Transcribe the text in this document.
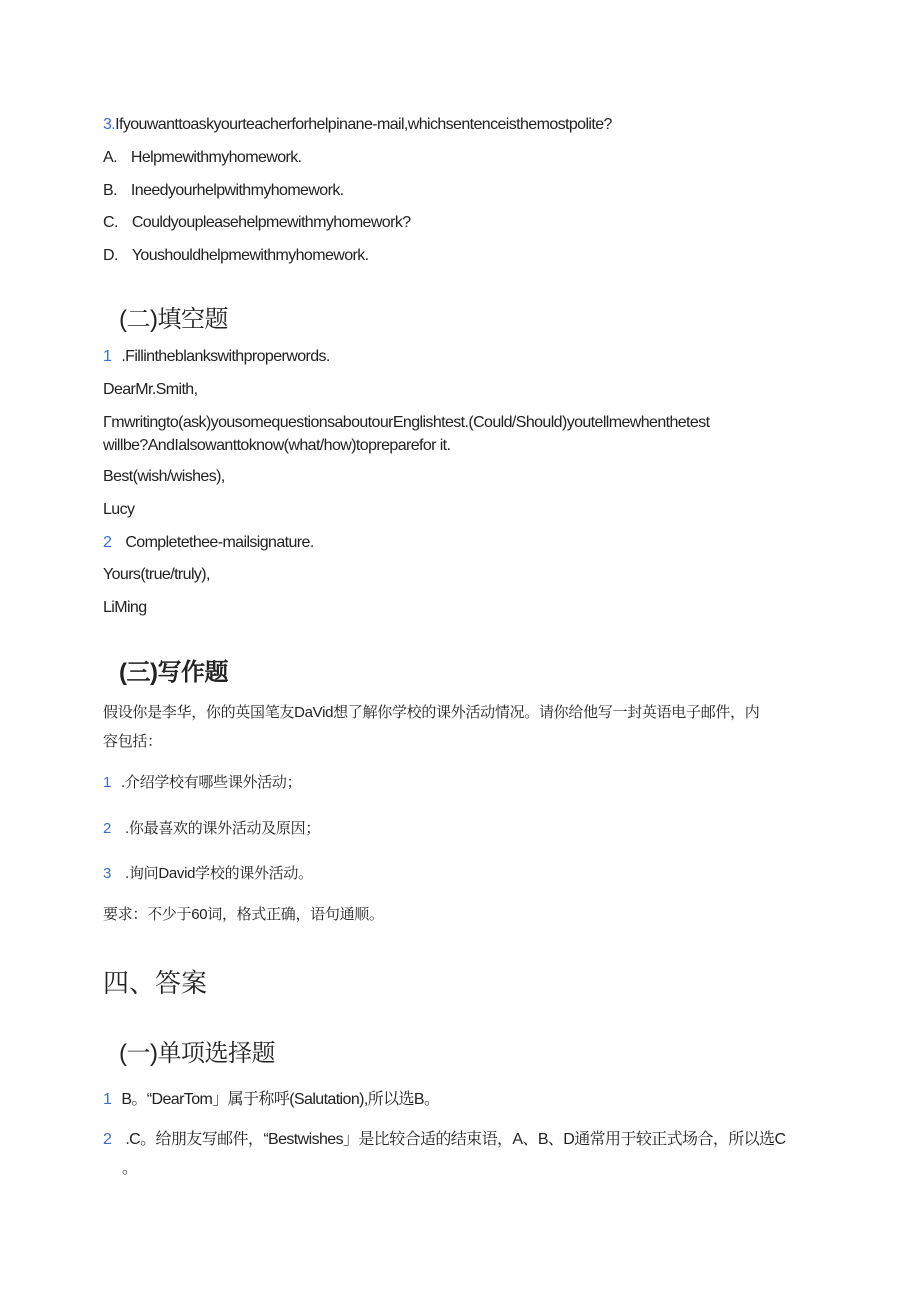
3.Ifyouwanttoaskyourteacherforhelpinane-mail,whichsentenceisthemostpolite?
A. Helpmewithmyhomework.
B. Ineedyourhelpwithmyhomework.
C. Couldyoupleasehelpmewithmyhomework?
D. Youshouldhelpmewithmyhomework.
(二)填空题
1 .Fillintheblankswithproperwords.
DearMr.Smith,
Γmwritingto(ask)yousomequestionsaboutourEnglishtest.(Could/Should)youtellmewhenthetest
willbe?AndIalsowanttoknow(what/how)topreparefor it.
Best(wish/wishes),
Lucy
2 Completethee-mailsignature.
Yours(true/truly),
LiMing
(三)写作题
假设你是李华，你的英国笔友DaVid想了解你学校的课外活动情况。请你给他写一封英语电子邮件，内
容包括：
1 .介绍学校有哪些课外活动；
2 .你最喜欢的课外活动及原因；
3 .询问David学校的课外活动。
要求：不少于60词，格式正确，语句通顺。
四、答案
(一)单项选择题
1 B。“DearTom」属于称呼(Salutation),所以选B。
2 .C。给朋友写邮件，“Bestwishes」是比较合适的结束语，A、B、D通常用于较正式场合，所以选C
。
